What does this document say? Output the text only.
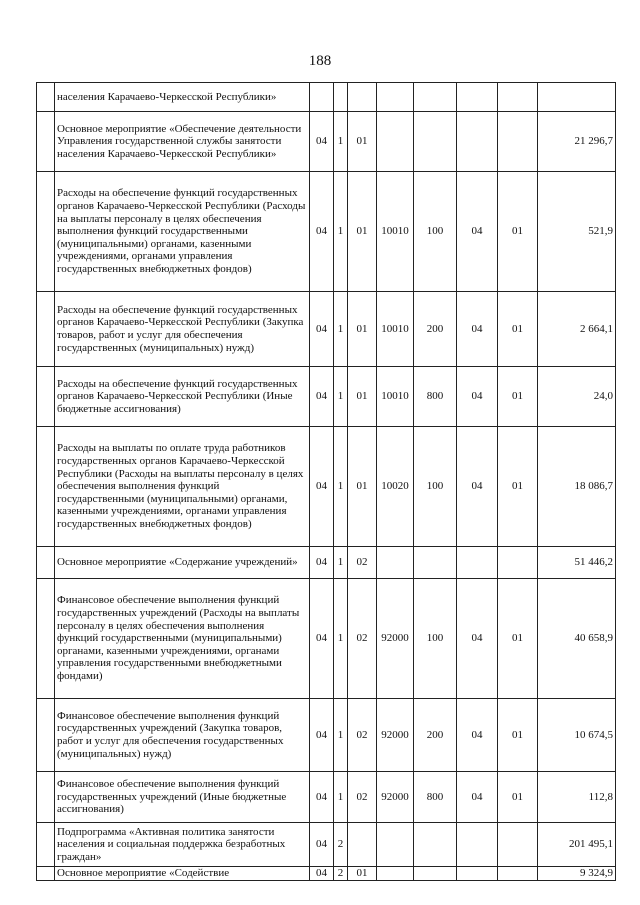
188
	населения Карачаево-Черкесской Республики»								
	Основное мероприятие «Обеспечение деятельности Управления государственной службы занятости населения Карачаево-Черкесской Республики»	04	1	01					21 296,7
	Расходы на обеспечение функций государственных органов Карачаево-Черкесской Республики (Расходы на выплаты персоналу в целях обеспечения выполнения функций государственными (муниципальными) органами, казенными учреждениями, органами управления государственных внебюджетных фондов)	04	1	01	10010	100	04	01	521,9
	Расходы на обеспечение функций государственных органов Карачаево-Черкесской Республики (Закупка товаров, работ и услуг для обеспечения государственных (муниципальных) нужд)	04	1	01	10010	200	04	01	2 664,1
	Расходы на обеспечение функций государственных органов Карачаево-Черкесской Республики (Иные бюджетные ассигнования)	04	1	01	10010	800	04	01	24,0
	Расходы на выплаты по оплате труда работников государственных органов Карачаево-Черкесской Республики (Расходы на выплаты персоналу в целях обеспечения выполнения функций государственными (муниципальными) органами, казенными учреждениями, органами управления государственных внебюджетных фондов)	04	1	01	10020	100	04	01	18 086,7
	Основное мероприятие «Содержание учреждений»	04	1	02					51 446,2
	Финансовое обеспечение выполнения функций государственных учреждений (Расходы на выплаты персоналу в целях обеспечения выполнения функций государственными (муниципальными) органами, казенными учреждениями, органами управления государственными внебюджетными фондами)	04	1	02	92000	100	04	01	40 658,9
	Финансовое обеспечение выполнения функций государственных учреждений (Закупка товаров, работ и услуг для обеспечения государственных (муниципальных) нужд)	04	1	02	92000	200	04	01	10 674,5
	Финансовое обеспечение выполнения функций государственных учреждений (Иные бюджетные ассигнования)	04	1	02	92000	800	04	01	112,8
	Подпрограмма «Активная политика занятости населения и социальная поддержка безработных граждан»	04	2						201 495,1
	Основное мероприятие «Содействие	04	2	01					9 324,9
